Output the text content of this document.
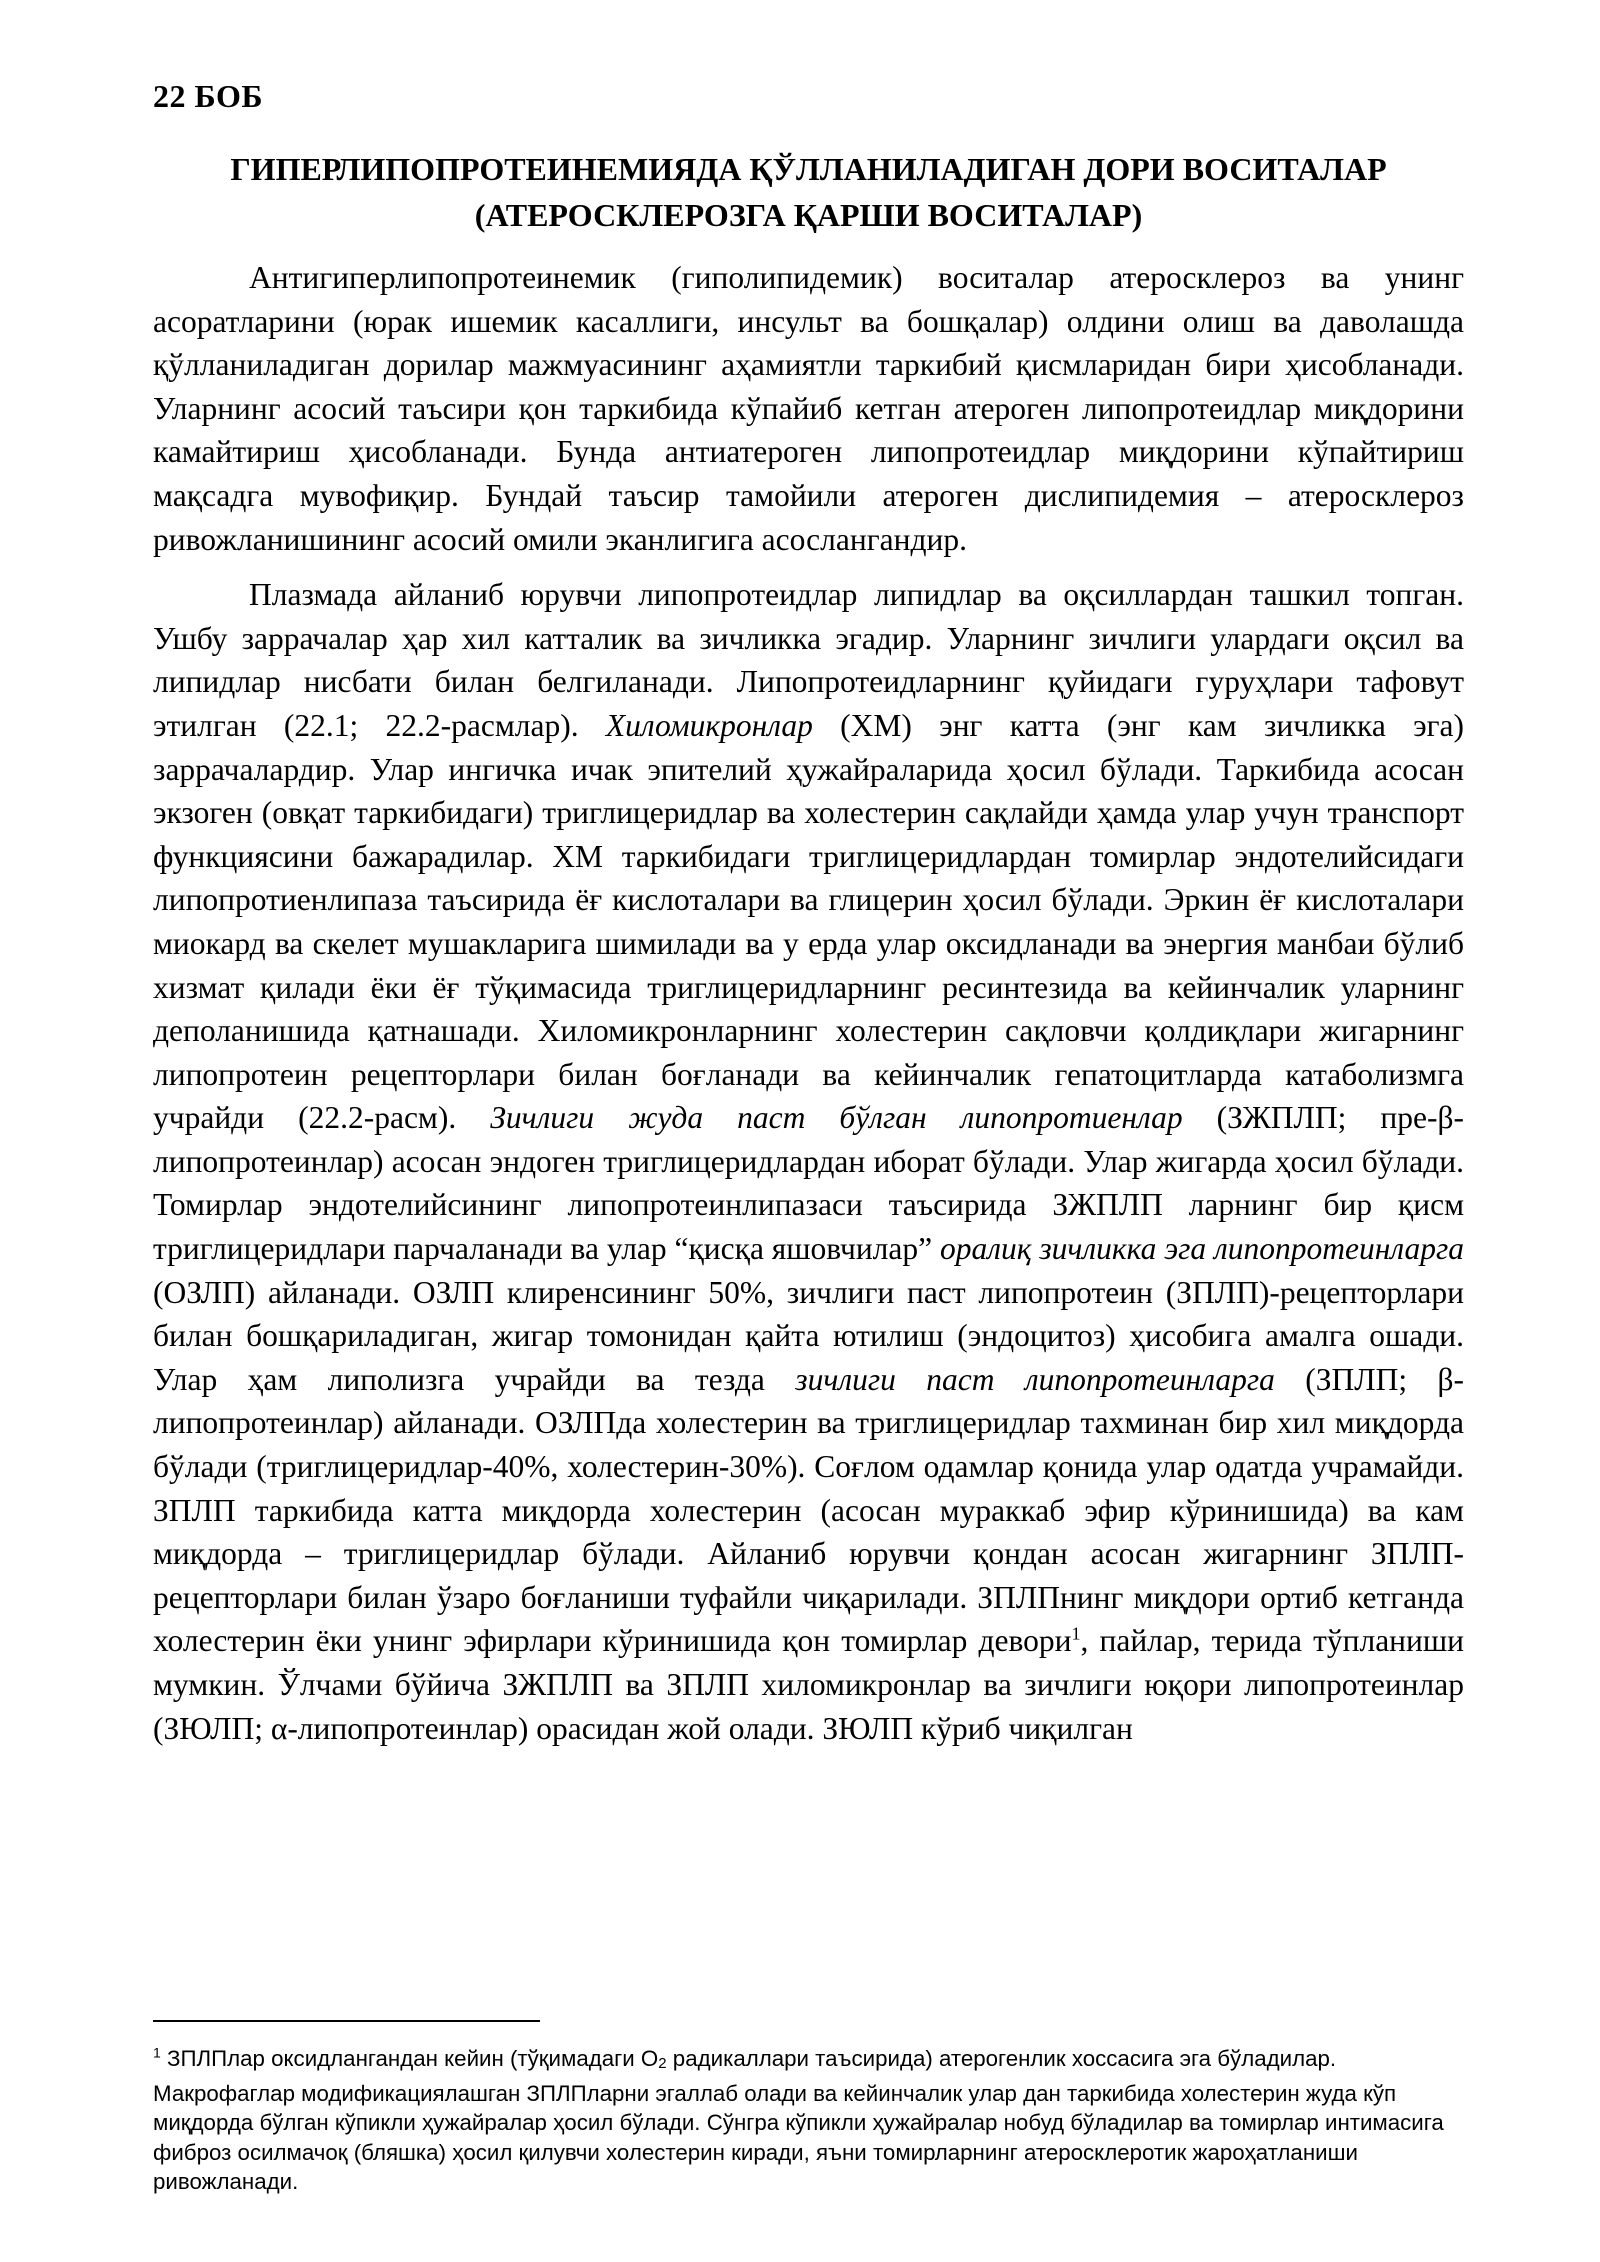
22 БОБ
ГИПЕРЛИПОПРОТЕИНЕМИЯДА ҚЎЛЛАНИЛАДИГАН ДОРИ ВОСИТАЛАР
(АТЕРОСКЛЕРОЗГА ҚАРШИ ВОСИТАЛАР)

Антигиперлипопротеинемик (гиполипидемик) воситалар атеросклероз ва унинг асоратларини (юрак ишемик касаллиги, инсульт ва бошқалар) олдини олиш ва даволашда қўлланиладиган дорилар мажмуасининг аҳамиятли таркибий қисмларидан бири ҳисобланади. Уларнинг асосий таъсири қон таркибида кўпайиб кетган атероген липопротеидлар миқдорини камайтириш ҳисобланади. Бунда антиатероген липопротеидлар миқдорини кўпайтириш мақсадга мувофиқир. Бундай таъсир тамойили атероген дислипидемия – атеросклероз ривожланишининг асосий омили эканлигига асослангандир.

Плазмада айланиб юрувчи липопротеидлар липидлар ва оқсиллардан ташкил топган. Ушбу заррачалар ҳар хил катталик ва зичликка эгадир. Уларнинг зичлиги улардаги оқсил ва липидлар нисбати билан белгиланади. Липопротеидларнинг қуйидаги гуруҳлари тафовут этилган (22.1; 22.2-расмлар). Хиломикронлар (ХМ) энг катта (энг кам зичликка эга) заррачалардир. Улар ингичка ичак эпителий ҳужайраларида ҳосил бўлади. Таркибида асосан экзоген (овқат таркибидаги) триглицеридлар ва холестерин сақлайди ҳамда улар учун транспорт функциясини бажарадилар. ХМ таркибидаги триглицеридлардан томирлар эндотелийсидаги липопротиенлипаза таъсирида ёғ кислоталари ва глицерин ҳосил бўлади. Эркин ёғ кислоталари миокард ва скелет мушакларига шимилади ва у ерда улар оксидланади ва энергия манбаи бўлиб хизмат қилади ёки ёғ тўқимасида триглицеридларнинг ресинтезида ва кейинчалик уларнинг деполанишида қатнашади. Хиломикронларнинг холестерин сақловчи қолдиқлари жигарнинг липопротеин рецепторлари билан боғланади ва кейинчалик гепатоцитларда катаболизмга учрайди (22.2-расм). Зичлиги жуда паст бўлган липопротиенлар (ЗЖПЛП; пре-β-липопротеинлар) асосан эндоген триглицеридлардан иборат бўлади. Улар жигарда ҳосил бўлади. Томирлар эндотелийсининг липопротеинлипазаси таъсирида ЗЖПЛП ларнинг бир қисм триглицеридлари парчаланади ва улар “қисқа яшовчилар” оралиқ зичликка эга липопротеинларга (ОЗЛП) айланади. ОЗЛП клиренсининг 50%, зичлиги паст липопротеин (ЗПЛП)-рецепторлари билан бошқариладиган, жигар томонидан қайта ютилиш (эндоцитоз) ҳисобига амалга ошади. Улар ҳам липолизга учрайди ва тезда зичлиги паст липопротеинларга (ЗПЛП; β-липопротеинлар) айланади. ОЗЛПда холестерин ва триглицеридлар тахминан бир хил миқдорда бўлади (триглицеридлар-40%, холестерин-30%). Соғлом одамлар қонида улар одатда учрамайди. ЗПЛП таркибида катта миқдорда холестерин (асосан мураккаб эфир кўринишида) ва кам миқдорда – триглицеридлар бўлади. Айланиб юрувчи қондан асосан жигарнинг ЗПЛП-рецепторлари билан ўзаро боғланиши туфайли чиқарилади. ЗПЛПнинг миқдори ортиб кетганда холестерин ёки унинг эфирлари кўринишида қон томирлар девори$^1$, пайлар, терида тўпланиши мумкин. Ўлчами бўйича ЗЖПЛП ва ЗПЛП хиломикронлар ва зичлиги юқори липопротеинлар (ЗЮЛП; α-липопротеинлар) орасидан жой олади. ЗЮЛП кўриб чиқилган

$^1$ ЗПЛПлар оксидлангандан кейин (тўқимадаги О2 радикаллари таъсирида) атерогенлик хоссасига эга бўладилар. Макрофаглар модификациялашган ЗПЛПларни эгаллаб олади ва кейинчалик улар дан таркибида холестерин жуда кўп миқдорда бўлган кўпикли ҳужайралар ҳосил бўлади. Сўнгра кўпикли ҳужайралар нобуд бўладилар ва томирлар интимасига фиброз осилмачоқ (бляшка) ҳосил қилувчи холестерин киради, яъни томирларнинг атеросклеротик жароҳатланиши ривожланади.
